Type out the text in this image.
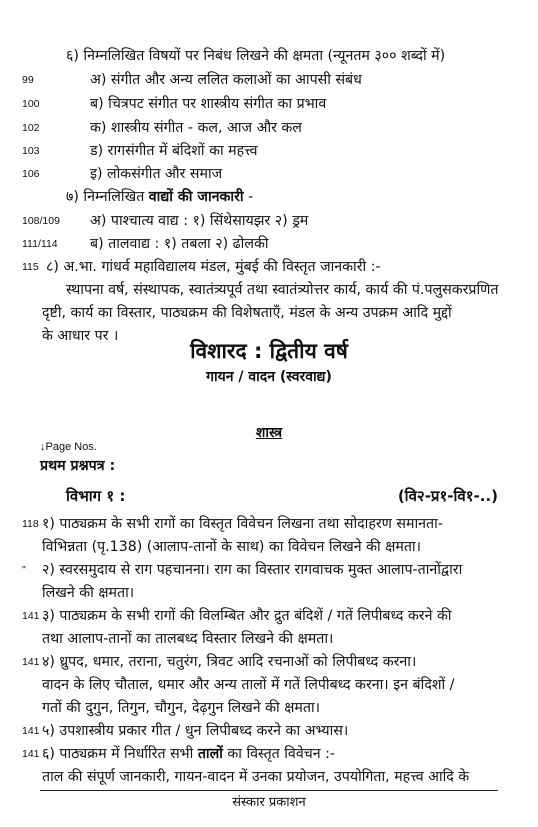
६) निम्नलिखित विषयों पर निबंध लिखने की क्षमता (न्यूनतम ३०० शब्दों में)
99	अ) संगीत और अन्य ललित कलाओं का आपसी संबंध
100	ब) चित्रपट संगीत पर शास्त्रीय संगीत का प्रभाव
102	क) शास्त्रीय संगीत - कल, आज और कल
103	ड) रागसंगीत में बंदिशों का महत्त्व
106	इ) लोकसंगीत और समाज
७) निम्नलिखित वाद्यों की जानकारी -
108/109 अ) पाश्चात्य वाद्य : १) सिंथेसायझर २) ड्रम
111/114 ब) तालवाद्य : १) तबला २) ढोलकी
115 ८) अ.भा. गांधर्व महाविद्यालय मंडल, मुंबई की विस्तृत जानकारी :-
स्थापना वर्ष, संस्थापक, स्वातंत्र्यपूर्व तथा स्वातंत्र्योत्तर कार्य, कार्य की पं.पलुसकरप्रणित
दृष्टी, कार्य का विस्तार, पाठ्यक्रम की विशेषताएँ, मंडल के अन्य उपक्रम आदि मुद्दों
के आधार पर ।
विशारद : द्वितीय वर्ष
गायन / वादन (स्वरवाद्य)
शास्त्र
↓Page Nos.
प्रथम प्रश्नपत्र :
विभाग १ :	(वि२-प्र१-वि१-..)
118 १) पाठ्यक्रम के सभी रागों का विस्तृत विवेचन लिखना तथा सोदाहरण समानता-
विभिन्नता (पृ.138) (आलाप-तानों के साथ) का विवेचन लिखने की क्षमता।
" २) स्वरसमुदाय से राग पहचानना। राग का विस्तार रागवाचक मुक्त आलाप-तानोंद्वारा
लिखने की क्षमता।
141 ३) पाठ्यक्रम के सभी रागों की विलम्बित और द्रुत बंदिशें / गतें लिपीबध्द करने की
तथा आलाप-तानों का तालबध्द विस्तार लिखने की क्षमता।
141 ४) ध्रुपद, धमार, तराना, चतुरंग, त्रिवट आदि रचनाओं को लिपीबध्द करना।
वादन के लिए चौताल, धमार और अन्य तालों में गतें लिपीबध्द करना। इन बंदिशों /
गतों की दुगुन, तिगुन, चौगुन, देढ़गुन लिखने की क्षमता।
141 ५) उपशास्त्रीय प्रकार गीत / धुन लिपीबध्द करने का अभ्यास।
141 ६) पाठ्यक्रम में निर्धारित सभी तालों का विस्तृत विवेचन :-
ताल की संपूर्ण जानकारी, गायन-वादन में उनका प्रयोजन, उपयोगिता, महत्त्व आदि के
संस्कार प्रकाशन
